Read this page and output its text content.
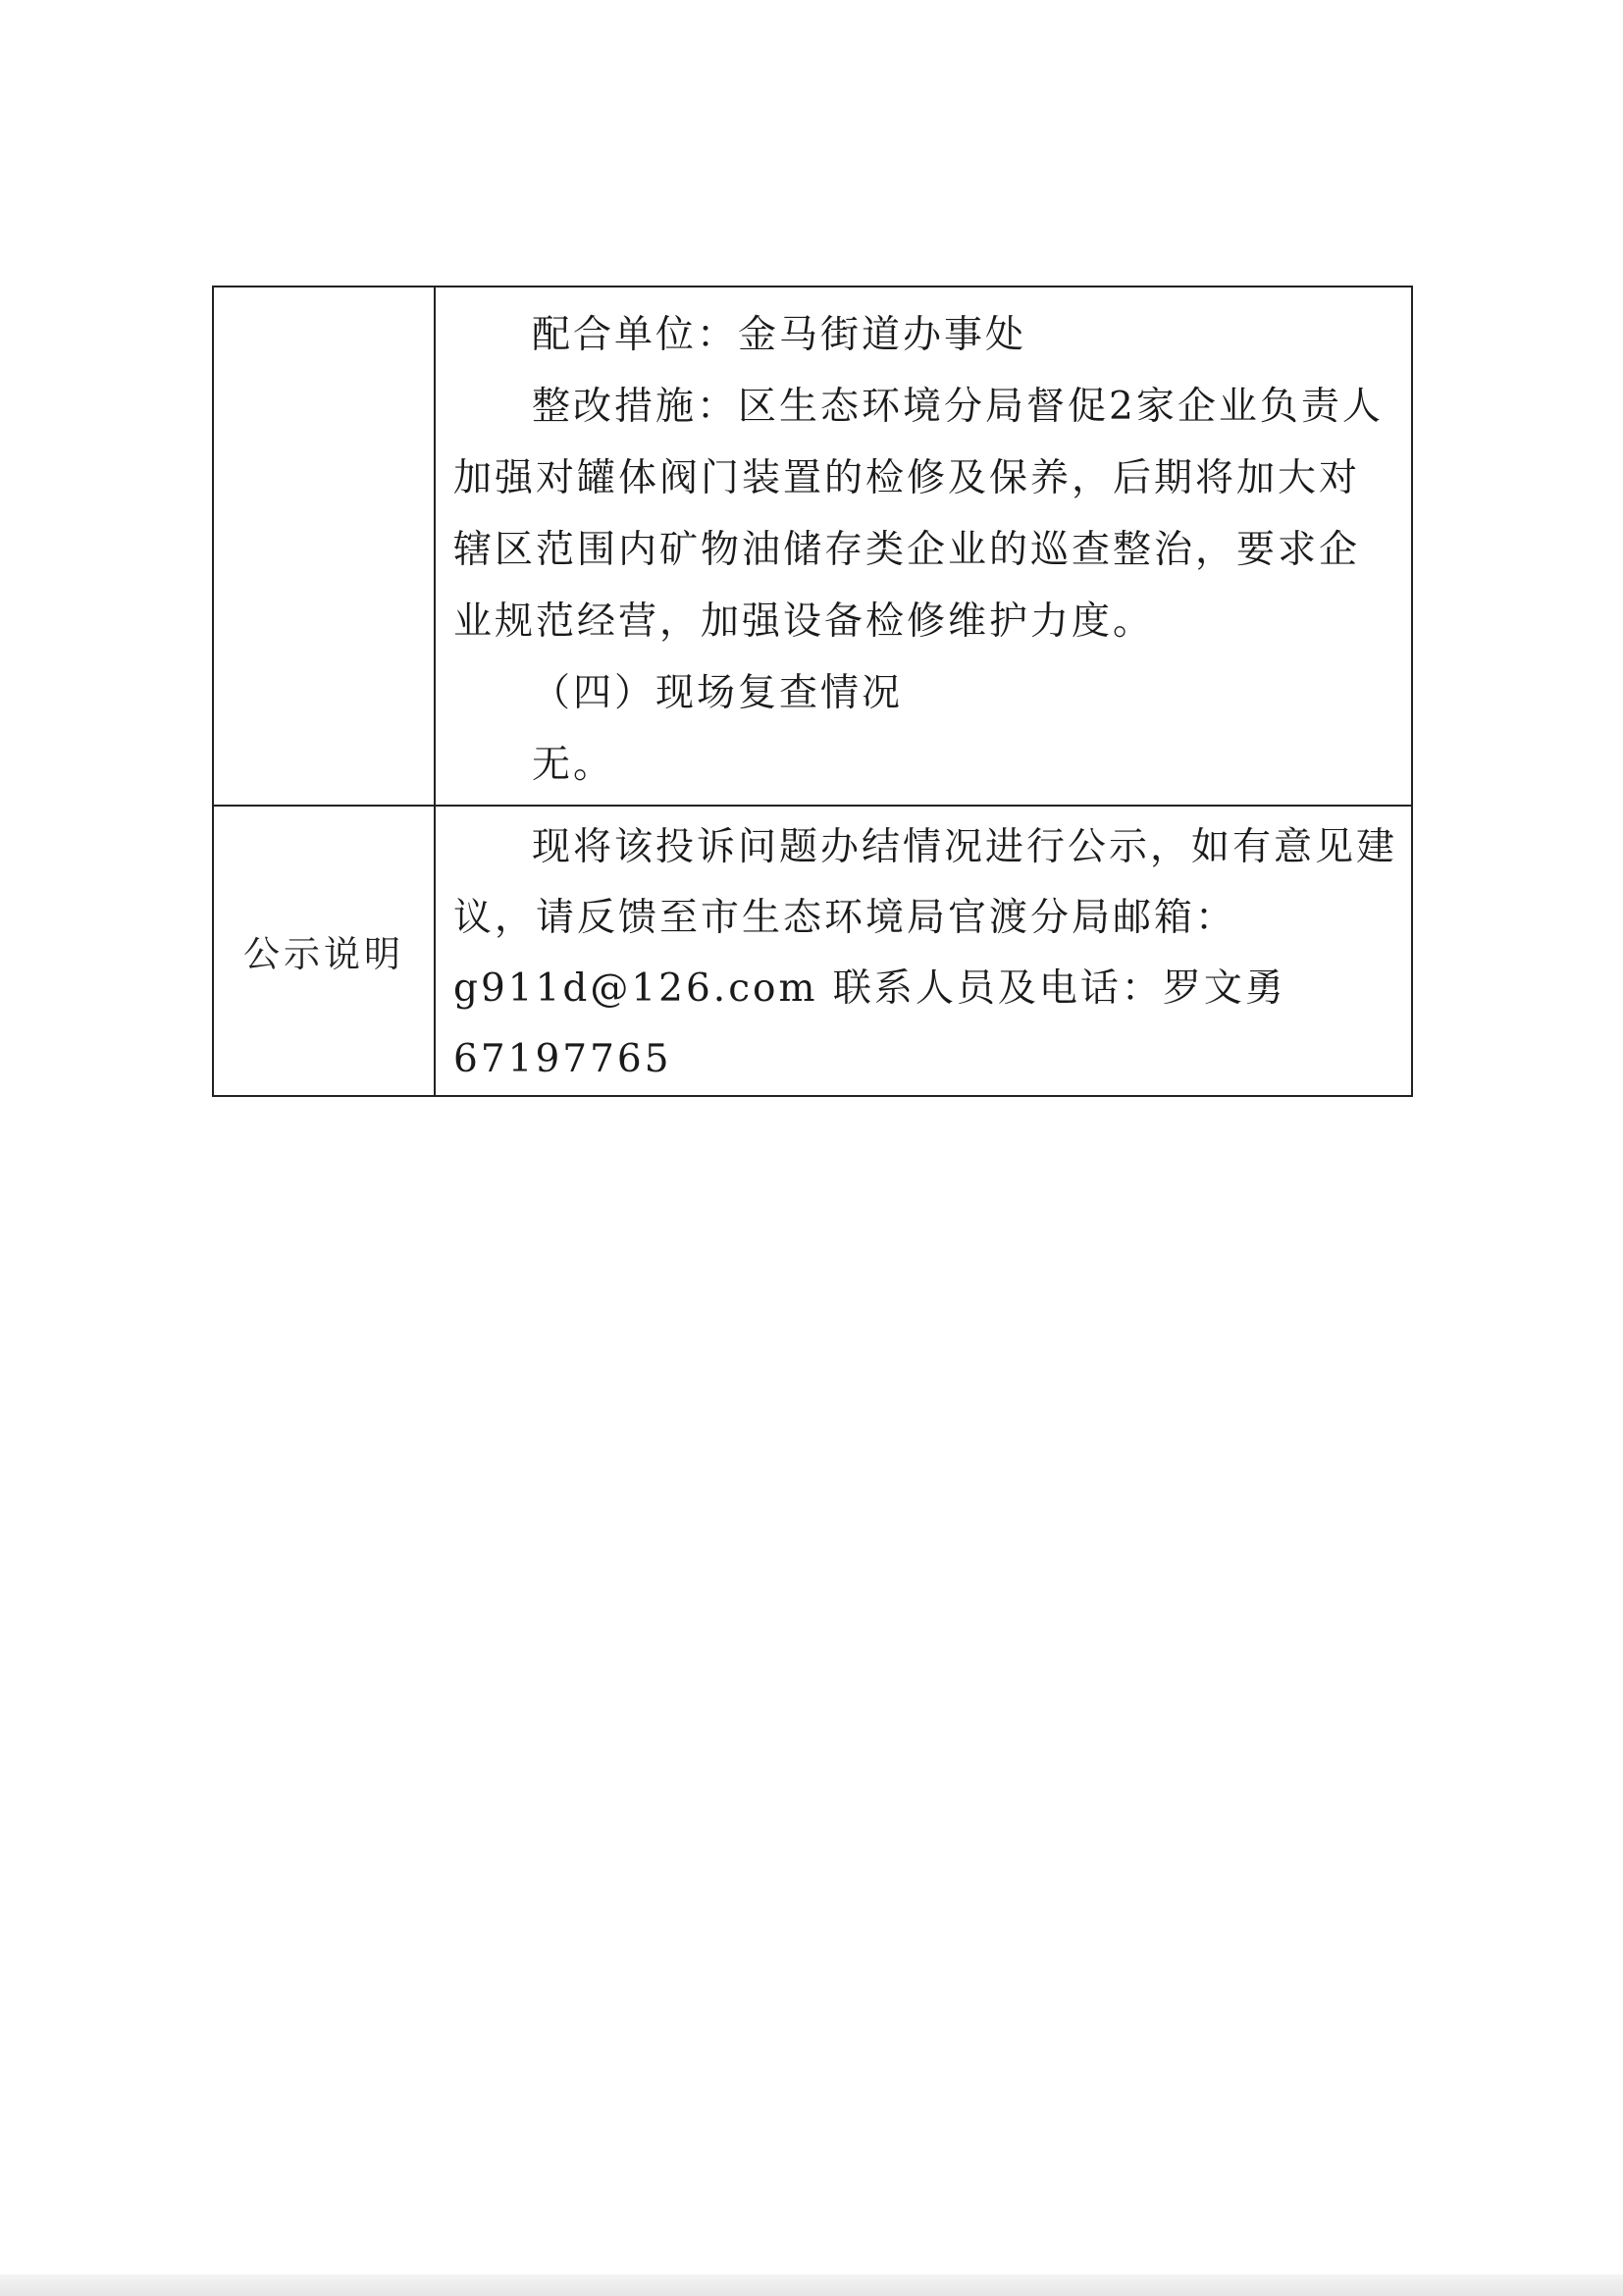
	配合单位：金马街道办事处

整改措施：区生态环境分局督促2家企业负责人加强对罐体阀门装置的检修及保养，后期将加大对辖区范围内矿物油储存类企业的巡查整治，要求企业规范经营，加强设备检修维护力度。

（四）现场复查情况

无。

公示说明	现将该投诉问题办结情况进行公示，如有意见建议，请反馈至市生态环境局官渡分局邮箱：

g911d@126.com 联系人员及电话：罗文勇 67197765
